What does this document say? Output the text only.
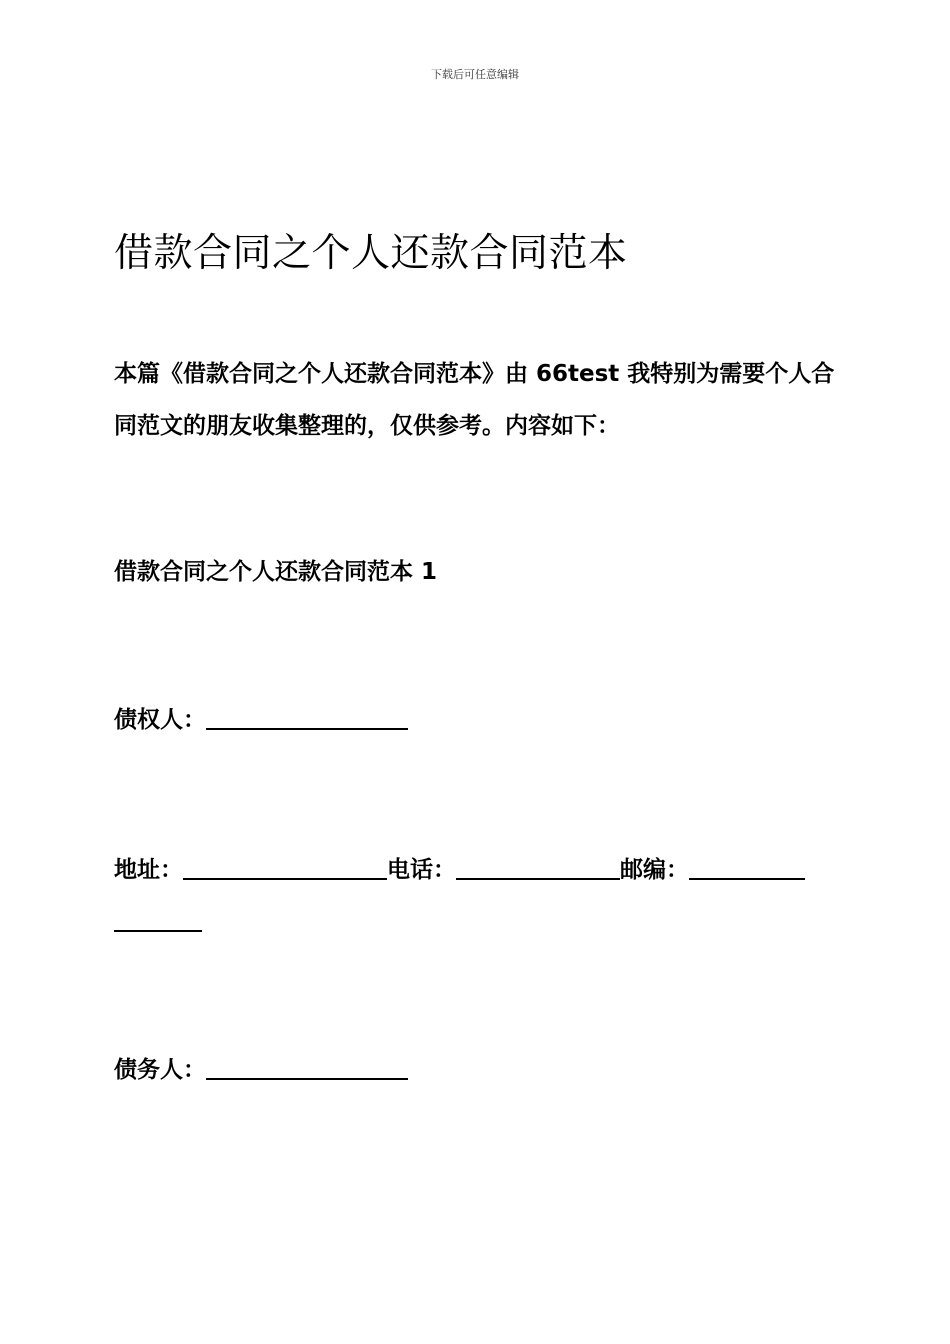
下载后可任意编辑
借款合同之个人还款合同范本
本篇《借款合同之个人还款合同范本》由 66test 我特别为需要个人合同范文的朋友收集整理的，仅供参考。内容如下：
借款合同之个人还款合同范本 1
债权人：
地址：	电话：	邮编：
债务人：
